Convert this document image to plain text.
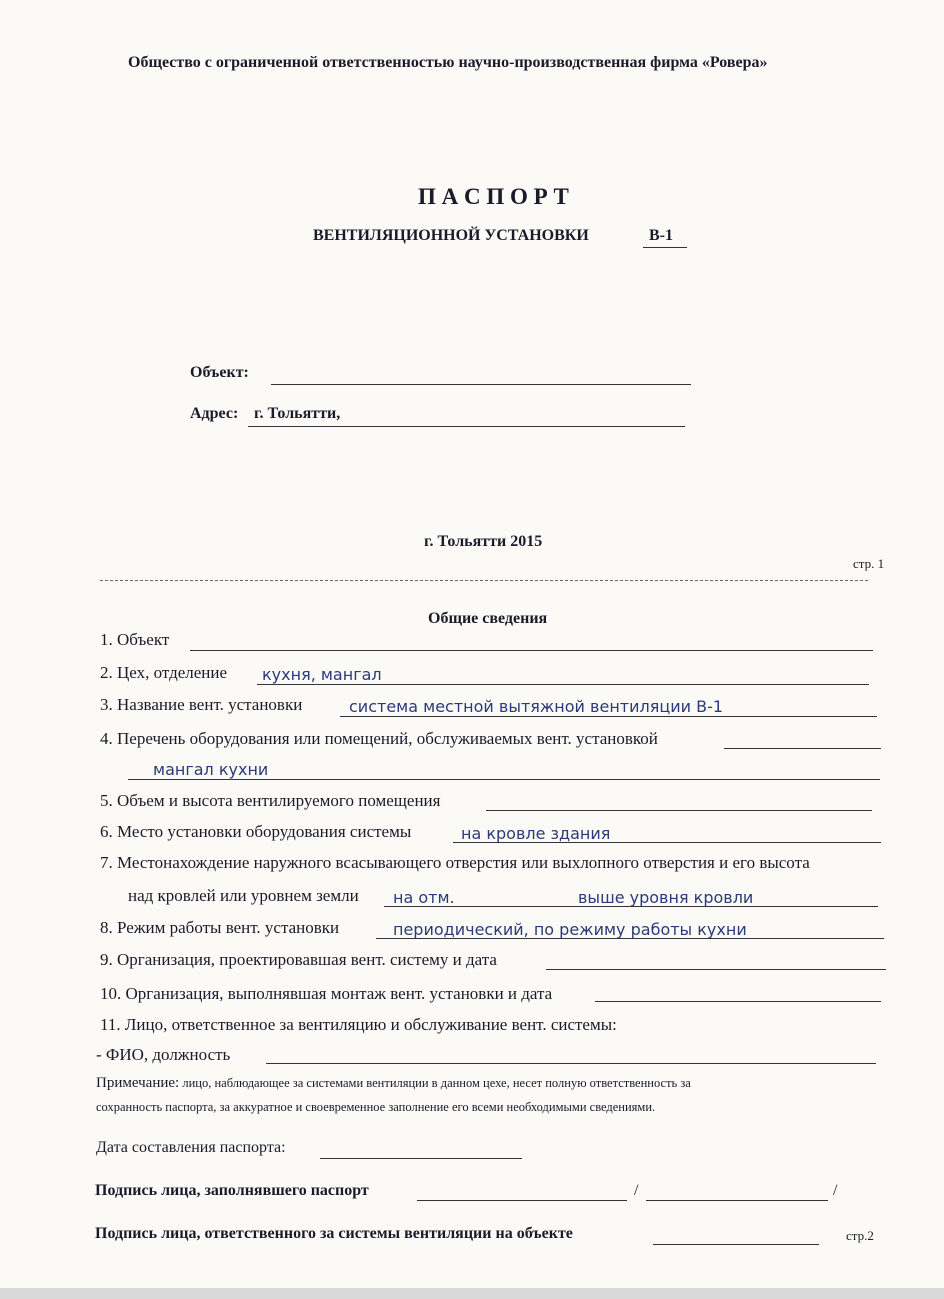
Общество с ограниченной ответственностью научно-производственная фирма «Ровера»
П А С П О Р Т
ВЕНТИЛЯЦИОННОЙ УСТАНОВКИ	В-1
Объект:
Адрес: г. Тольятти,
г. Тольятти 2015
стр. 1
Общие сведения
1. Объект
2. Цех, отделение кухня, мангал
3. Название вент. установки	система местной вытяжной вентиляции В-1
4. Перечень оборудования или помещений, обслуживаемых вент. установкой
мангал кухни
5. Объем и высота вентилируемого помещения
6. Место установки оборудования системы	на кровле здания
7. Местонахождение наружного всасывающего отверстия или выхлопного отверстия и его высота
над кровлей или уровнем земли на отм.	выше уровня кровли
8. Режим работы вент. установки	периодический, по режиму работы кухни
9. Организация, проектировавшая вент. систему и дата
10. Организация, выполнявшая монтаж вент. установки и дата
11. Лицо, ответственное за вентиляцию и обслуживание вент. системы:
- ФИО, должность
Примечание: лицо, наблюдающее за системами вентиляции в данном цехе, несет полную ответственность за
сохранность паспорта, за аккуратное и своевременное заполнение его всеми необходимыми сведениями.
Дата составления паспорта:
Подпись лица, заполнявшего паспорт	/	/
Подпись лица, ответственного за системы вентиляции на объекте	стр.2
